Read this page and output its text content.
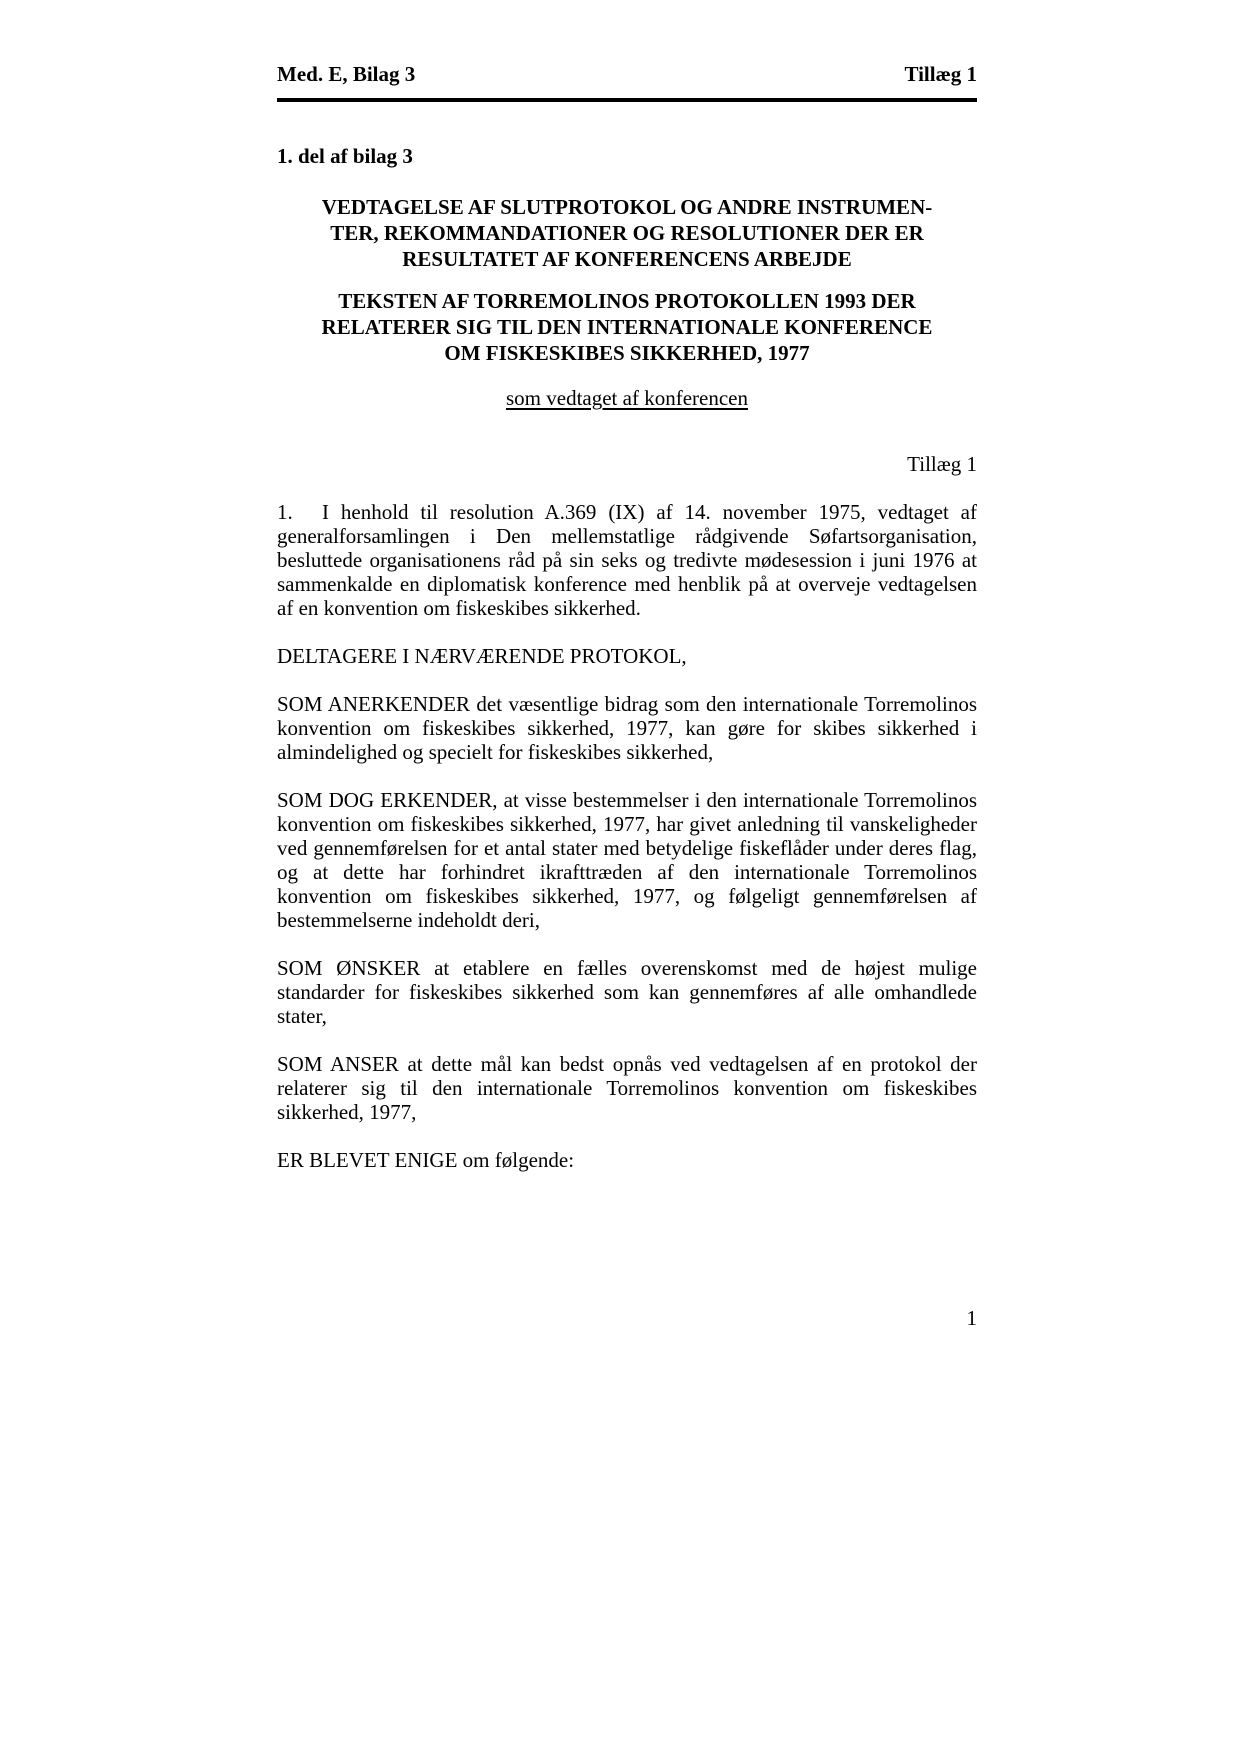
Med. E, Bilag 3	Tillæg 1
1. del af bilag 3
VEDTAGELSE AF SLUTPROTOKOL OG ANDRE INSTRUMEN-
TER, REKOMMANDATIONER OG RESOLUTIONER DER ER
RESULTATET AF KONFERENCENS ARBEJDE
TEKSTEN AF TORREMOLINOS PROTOKOLLEN 1993 DER
RELATERER SIG TIL DEN INTERNATIONALE KONFERENCE
OM FISKESKIBES SIKKERHED, 1977
som vedtaget af konferencen
Tillæg 1

1. I henhold til resolution A.369 (IX) af 14. november 1975, vedtaget af generalforsamlingen i Den mellemstatlige rådgivende Søfartsorganisation, besluttede organisationens råd på sin seks og tredivte mødesession i juni 1976 at sammenkalde en diplomatisk konference med henblik på at overveje vedtagelsen af en konvention om fiskeskibes sikkerhed.

DELTAGERE I NÆRVÆRENDE PROTOKOL,

SOM ANERKENDER det væsentlige bidrag som den internationale Torremolinos konvention om fiskeskibes sikkerhed, 1977, kan gøre for skibes sikkerhed i almindelighed og specielt for fiskeskibes sikkerhed,

SOM DOG ERKENDER, at visse bestemmelser i den internationale Torremolinos konvention om fiskeskibes sikkerhed, 1977, har givet anledning til vanskeligheder ved gennemførelsen for et antal stater med betydelige fiskeflåder under deres flag, og at dette har forhindret ikrafttræden af den internationale Torremolinos konvention om fiskeskibes sikkerhed, 1977, og følgeligt gennemførelsen af bestemmelserne indeholdt deri,

SOM ØNSKER at etablere en fælles overenskomst med de højest mulige standarder for fiskeskibes sikkerhed som kan gennemføres af alle omhandlede stater,

SOM ANSER at dette mål kan bedst opnås ved vedtagelsen af en protokol der relaterer sig til den internationale Torremolinos konvention om fiskeskibes sikkerhed, 1977,

ER BLEVET ENIGE om følgende:

1
